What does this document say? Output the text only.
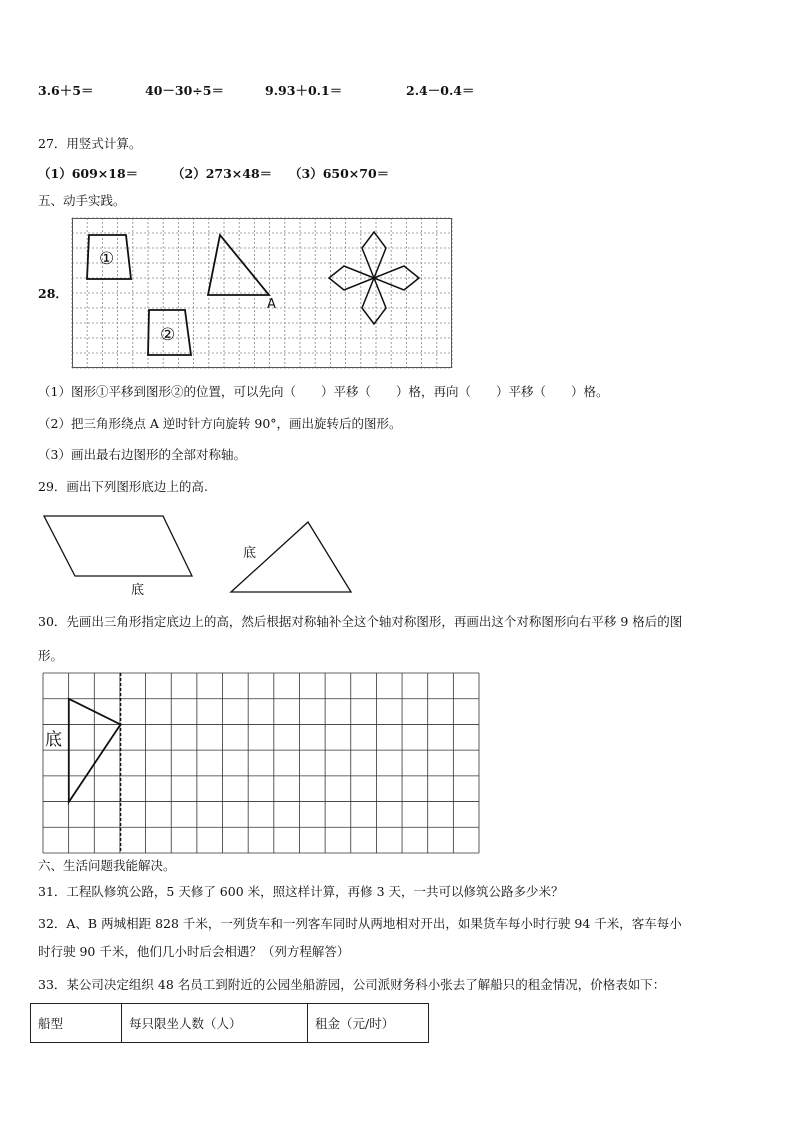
3.6＋5＝	40－30÷5＝	9.93＋0.1＝	2.4－0.4＝
27．用竖式计算。
（1）609×18＝	（2）273×48＝ （3）650×70＝
五、动手实践。
28．
①
②
A
（1）图形①平移到图形②的位置，可以先向（　　）平移（　　）格，再向（　　）平移（　　）格。
（2）把三角形绕点 A 逆时针方向旋转 90°，画出旋转后的图形。
（3）画出最右边图形的全部对称轴。
29．画出下列图形底边上的高.
底
底
30．先画出三角形指定底边上的高，然后根据对称轴补全这个轴对称图形，再画出这个对称图形向右平移 9 格后的图
形。
底
六、生活问题我能解决。
31．工程队修筑公路，5 天修了 600 米，照这样计算，再修 3 天，一共可以修筑公路多少米？
32．A、B 两城相距 828 千米，一列货车和一列客车同时从两地相对开出，如果货车每小时行驶 94 千米，客车每小
时行驶 90 千米，他们几小时后会相遇？（列方程解答）
33．某公司决定组织 48 名员工到附近的公园坐船游园，公司派财务科小张去了解船只的租金情况，价格表如下：
船型	每只限坐人数（人）	租金（元/时）
